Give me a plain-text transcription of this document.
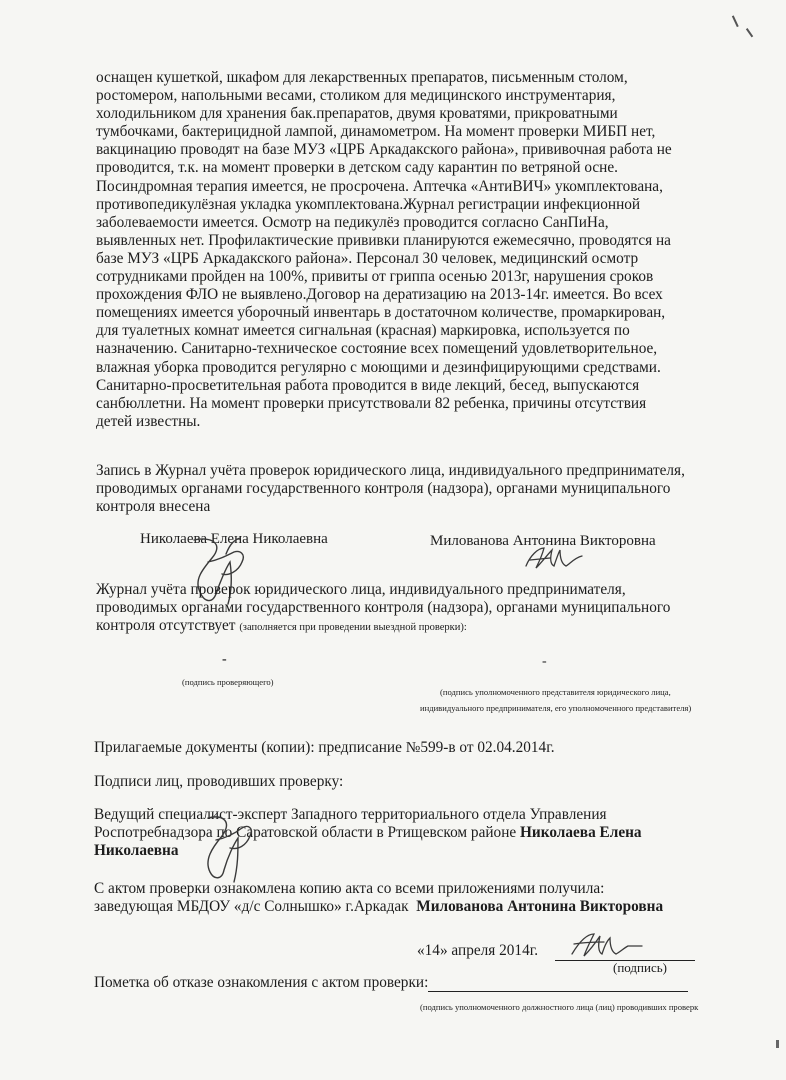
оснащен кушеткой, шкафом для лекарственных препаратов, письменным столом,
ростомером, напольными весами, столиком для медицинского инструментария,
холодильником для хранения бак.препаратов, двумя кроватями, прикроватными
тумбочками, бактерицидной лампой, динамометром. На момент проверки МИБП нет,
вакцинацию проводят на базе МУЗ «ЦРБ Аркадакского района», прививочная работа не
проводится, т.к. на момент проверки в детском саду карантин по ветряной осне.
Посиндромная терапия имеется, не просрочена. Аптечка «АнтиВИЧ» укомплектована,
противопедикулёзная укладка укомплектована.Журнал регистрации инфекционной
заболеваемости имеется. Осмотр на педикулёз проводится согласно СанПиНа,
выявленных нет. Профилактические прививки планируются ежемесячно, проводятся на
базе МУЗ «ЦРБ Аркадакского района». Персонал 30 человек, медицинский осмотр
сотрудниками пройден на 100%, привиты от гриппа осенью 2013г, нарушения сроков
прохождения ФЛО не выявлено.Договор на дератизацию на 2013-14г. имеется. Во всех
помещениях имеется уборочный инвентарь в достаточном количестве, промаркирован,
для туалетных комнат имеется сигнальная (красная) маркировка, используется по
назначению. Санитарно-техническое состояние всех помещений удовлетворительное,
влажная уборка проводится регулярно с моющими и дезинфицирующими средствами.
Санитарно-просветительная работа проводится в виде лекций, бесед, выпускаются
санбюллетни. На момент проверки присутствовали 82 ребенка, причины отсутствия
детей известны.
Запись в Журнал учёта проверок юридического лица, индивидуального предпринимателя,
проводимых органами государственного контроля (надзора), органами муниципального
контроля внесена
Николаева Елена Николаевна	Милованова Антонина Викторовна
Журнал учёта проверок юридического лица, индивидуального предпринимателя,
проводимых органами государственного контроля (надзора), органами муниципального
контроля отсутствует (заполняется при проведении выездной проверки):
-	-
(подпись проверяющего)
(подпись уполномоченного представителя юридического лица,
индивидуального предпринимателя, его уполномоченного представителя)
Прилагаемые документы (копии): предписание №599-в от 02.04.2014г.
Подписи лиц, проводивших проверку:
Ведущий специалист-эксперт Западного территориального отдела Управления
Роспотребнадзора по Саратовской области в Ртищевском районе Николаева Елена
Николаевна
С актом проверки ознакомлена копию акта со всеми приложениями получила:
заведующая МБДОУ «д/с Солнышко» г.Аркадак Милованова Антонина Викторовна
«14» апреля 2014г.
(подпись)
Пометка об отказе ознакомления с актом проверки:
(подпись уполномоченного должностного лица (лиц) проводивших проверк
